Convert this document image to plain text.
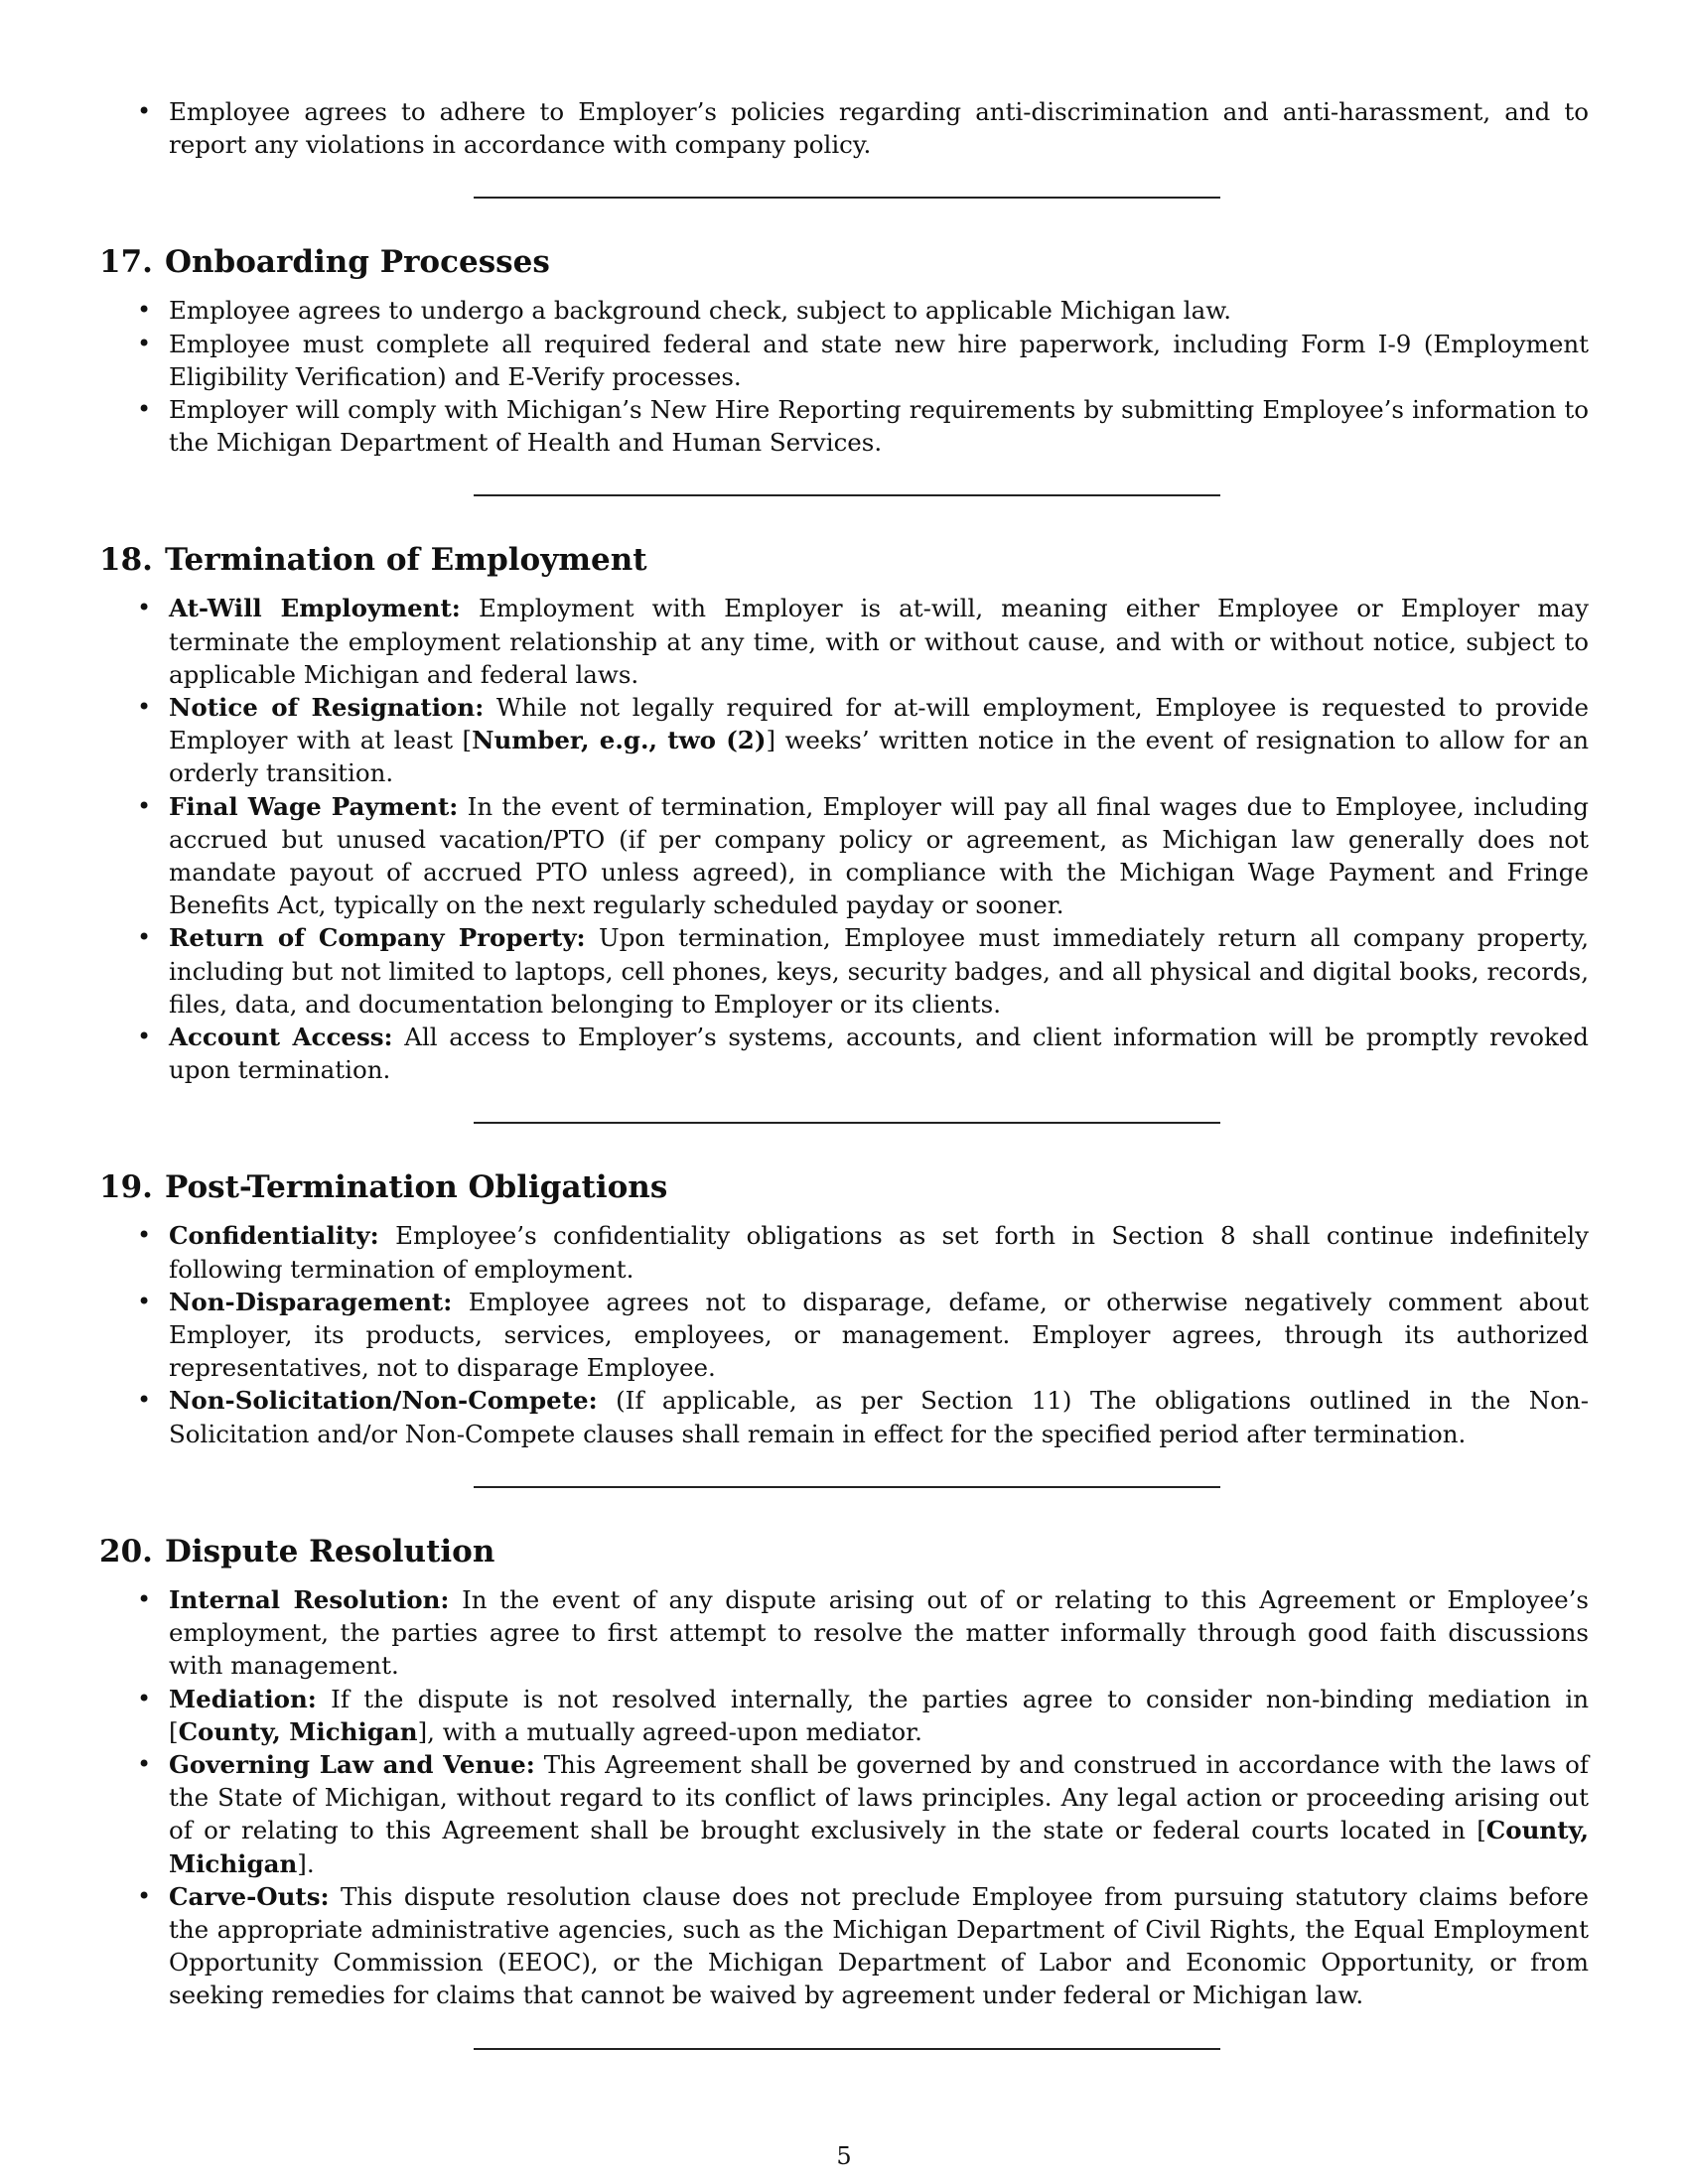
• Employee agrees to adhere to Employer’s policies regarding anti-discrimination and anti-harassment, and to report any violations in accordance with company policy.
17. Onboarding Processes
• Employee agrees to undergo a background check, subject to applicable Michigan law.
• Employee must complete all required federal and state new hire paperwork, including Form I-9 (Employment Eligibility Verification) and E-Verify processes.
• Employer will comply with Michigan’s New Hire Reporting requirements by submitting Employee’s information to the Michigan Department of Health and Human Services.
18. Termination of Employment
• At-Will Employment: Employment with Employer is at-will, meaning either Employee or Employer may terminate the employment relationship at any time, with or without cause, and with or without notice, subject to applicable Michigan and federal laws.
• Notice of Resignation: While not legally required for at-will employment, Employee is requested to provide Employer with at least [Number, e.g., two (2)] weeks’ written notice in the event of resignation to allow for an orderly transition.
• Final Wage Payment: In the event of termination, Employer will pay all final wages due to Employee, including accrued but unused vacation/PTO (if per company policy or agreement, as Michigan law generally does not mandate payout of accrued PTO unless agreed), in compliance with the Michigan Wage Payment and Fringe Benefits Act, typically on the next regularly scheduled payday or sooner.
• Return of Company Property: Upon termination, Employee must immediately return all company property, including but not limited to laptops, cell phones, keys, security badges, and all physical and digital books, records, files, data, and documentation belonging to Employer or its clients.
• Account Access: All access to Employer’s systems, accounts, and client information will be promptly revoked upon termination.
19. Post-Termination Obligations
• Confidentiality: Employee’s confidentiality obligations as set forth in Section 8 shall continue indefinitely following termination of employment.
• Non-Disparagement: Employee agrees not to disparage, defame, or otherwise negatively comment about Employer, its products, services, employees, or management. Employer agrees, through its authorized representatives, not to disparage Employee.
• Non-Solicitation/Non-Compete: (If applicable, as per Section 11) The obligations outlined in the Non-Solicitation and/or Non-Compete clauses shall remain in effect for the specified period after termination.
20. Dispute Resolution
• Internal Resolution: In the event of any dispute arising out of or relating to this Agreement or Employee’s employment, the parties agree to first attempt to resolve the matter informally through good faith discussions with management.
• Mediation: If the dispute is not resolved internally, the parties agree to consider non-binding mediation in [County, Michigan], with a mutually agreed-upon mediator.
• Governing Law and Venue: This Agreement shall be governed by and construed in accordance with the laws of the State of Michigan, without regard to its conflict of laws principles. Any legal action or proceeding arising out of or relating to this Agreement shall be brought exclusively in the state or federal courts located in [County, Michigan].
• Carve-Outs: This dispute resolution clause does not preclude Employee from pursuing statutory claims before the appropriate administrative agencies, such as the Michigan Department of Civil Rights, the Equal Employment Opportunity Commission (EEOC), or the Michigan Department of Labor and Economic Opportunity, or from seeking remedies for claims that cannot be waived by agreement under federal or Michigan law.
5
